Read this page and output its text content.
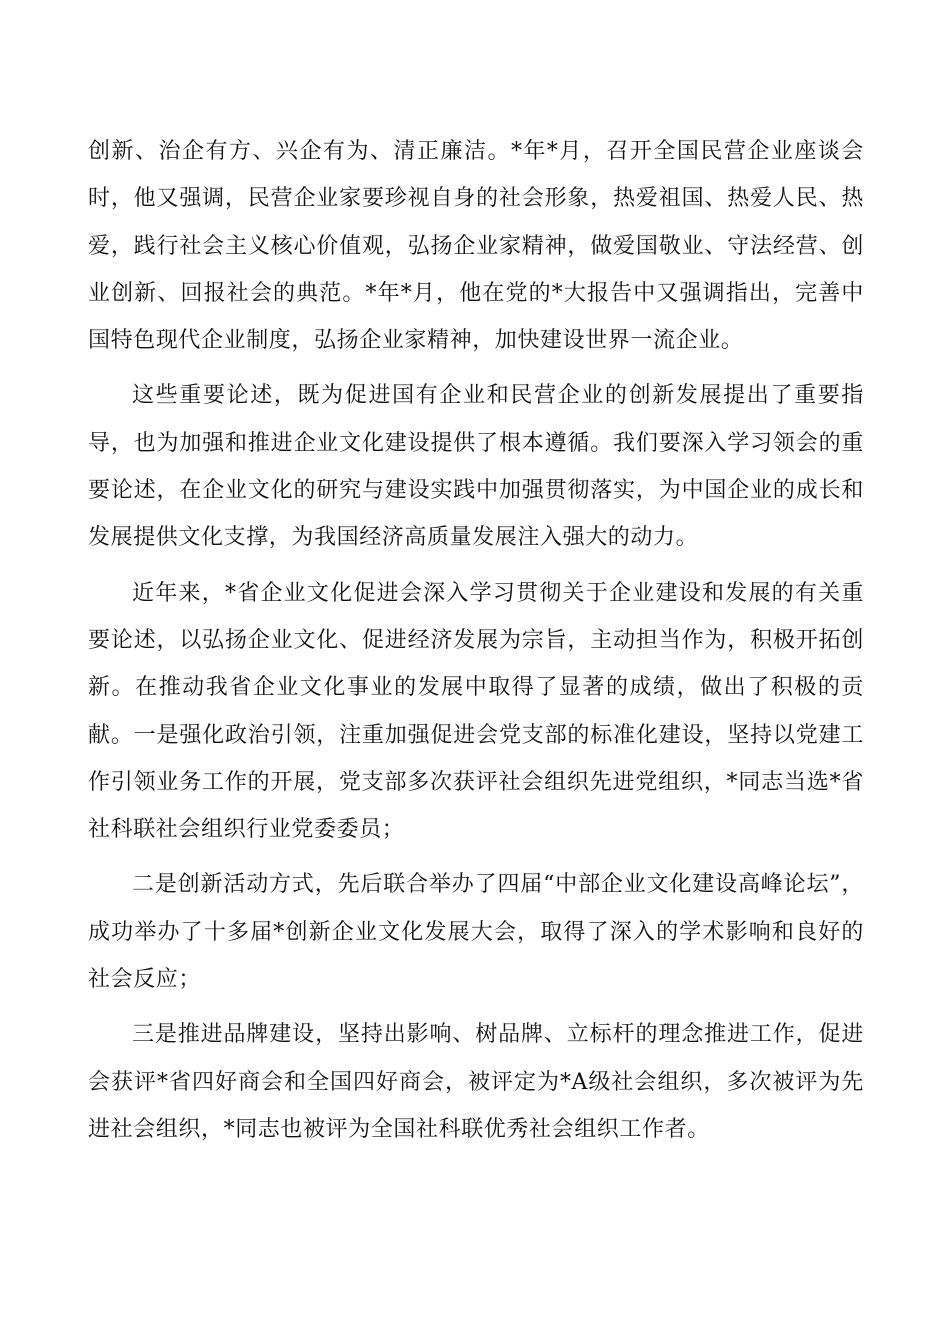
创新、治企有方、兴企有为、清正廉洁。*年*月，召开全国民营企业座谈会时，他又强调，民营企业家要珍视自身的社会形象，热爱祖国、热爱人民、热爱，践行社会主义核心价值观，弘扬企业家精神，做爱国敬业、守法经营、创业创新、回报社会的典范。*年*月，他在党的*大报告中又强调指出，完善中国特色现代企业制度，弘扬企业家精神，加快建设世界一流企业。

这些重要论述，既为促进国有企业和民营企业的创新发展提出了重要指导，也为加强和推进企业文化建设提供了根本遵循。我们要深入学习领会的重要论述，在企业文化的研究与建设实践中加强贯彻落实，为中国企业的成长和发展提供文化支撑，为我国经济高质量发展注入强大的动力。

近年来，*省企业文化促进会深入学习贯彻关于企业建设和发展的有关重要论述，以弘扬企业文化、促进经济发展为宗旨，主动担当作为，积极开拓创新。在推动我省企业文化事业的发展中取得了显著的成绩，做出了积极的贡献。一是强化政治引领，注重加强促进会党支部的标准化建设，坚持以党建工作引领业务工作的开展，党支部多次获评社会组织先进党组织，*同志当选*省社科联社会组织行业党委委员；

二是创新活动方式，先后联合举办了四届“中部企业文化建设高峰论坛”，成功举办了十多届*创新企业文化发展大会，取得了深入的学术影响和良好的社会反应；

三是推进品牌建设，坚持出影响、树品牌、立标杆的理念推进工作，促进会获评*省四好商会和全国四好商会，被评定为*A级社会组织，多次被评为先进社会组织，*同志也被评为全国社科联优秀社会组织工作者。
